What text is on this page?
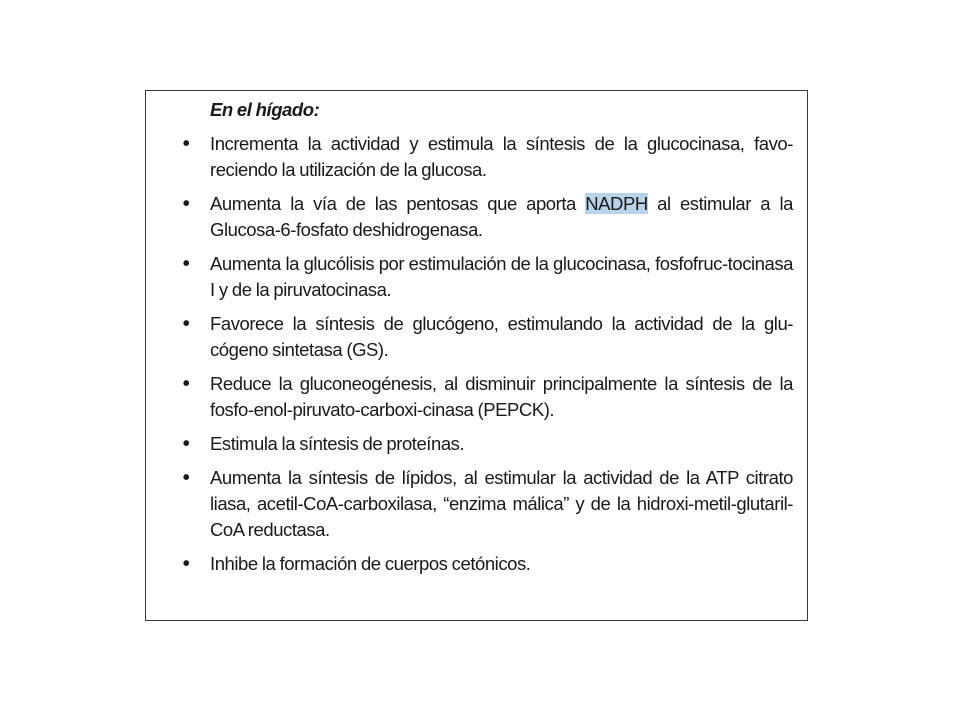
En el hígado:
•	Incrementa la actividad y estimula la síntesis de la glucocinasa, favo-reciendo la utilización de la glucosa.
•	Aumenta la vía de las pentosas que aporta NADPH al estimular a la Glucosa-6-fosfato deshidrogenasa.
•	Aumenta la glucólisis por estimulación de la glucocinasa, fosfofruc-tocinasa I y de la piruvatocinasa.
•	Favorece la síntesis de glucógeno, estimulando la actividad de la glu-cógeno sintetasa (GS).
•	Reduce la gluconeogénesis, al disminuir principalmente la síntesis de la fosfo-enol-piruvato-carboxi-cinasa (PEPCK).
•	Estimula la síntesis de proteínas.
•	Aumenta la síntesis de lípidos, al estimular la actividad de la ATP citrato liasa, acetil-CoA-carboxilasa, “enzima málica” y de la hidroxi-metil-glutaril-CoA reductasa.
•	Inhibe la formación de cuerpos cetónicos.
